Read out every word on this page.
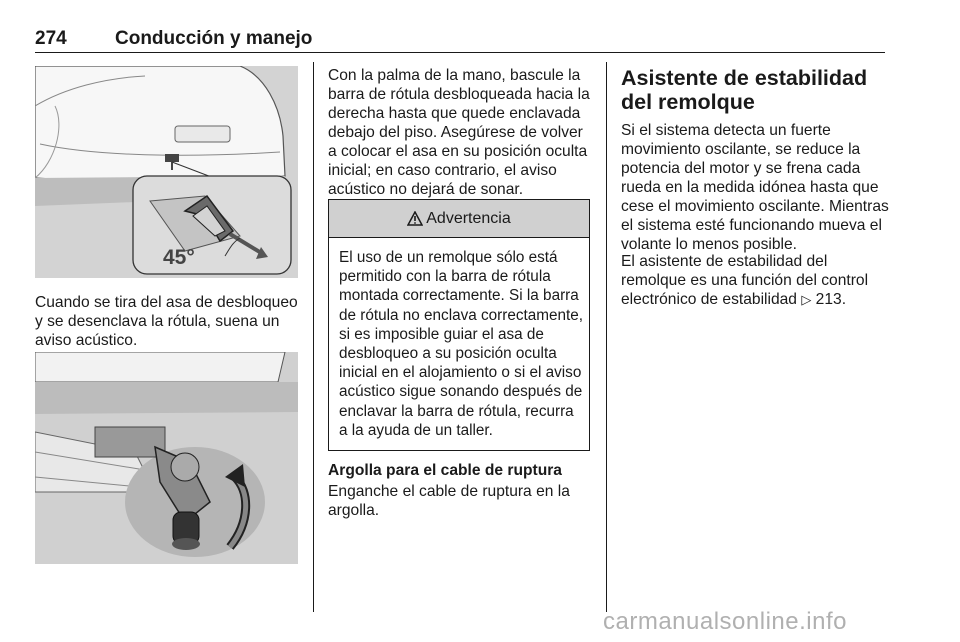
274	Conducción y manejo
45°

Cuando se tira del asa de desbloqueo y se desenclava la rótula, suena un aviso acústico.

Con la palma de la mano, bascule la barra de rótula desbloqueada hacia la derecha hasta que quede enclavada debajo del piso. Asegúrese de volver a colocar el asa en su posición oculta inicial; en caso contrario, el aviso acústico no dejará de sonar.

Advertencia

El uso de un remolque sólo está permitido con la barra de rótula montada correctamente. Si la barra de rótula no enclava correctamente, si es imposible guiar el asa de desbloqueo a su posición oculta inicial en el alojamiento o si el aviso acústico sigue sonando después de enclavar la barra de rótula, recurra a la ayuda de un taller.

Argolla para el cable de ruptura

Enganche el cable de ruptura en la argolla.

Asistente de estabilidad del remolque

Si el sistema detecta un fuerte movimiento oscilante, se reduce la potencia del motor y se frena cada rueda en la medida idónea hasta que cese el movimiento oscilante. Mientras el sistema esté funcionando mueva el volante lo menos posible.

El asistente de estabilidad del remolque es una función del control electrónico de estabilidad ▷ 213.

carmanualsonline.info
